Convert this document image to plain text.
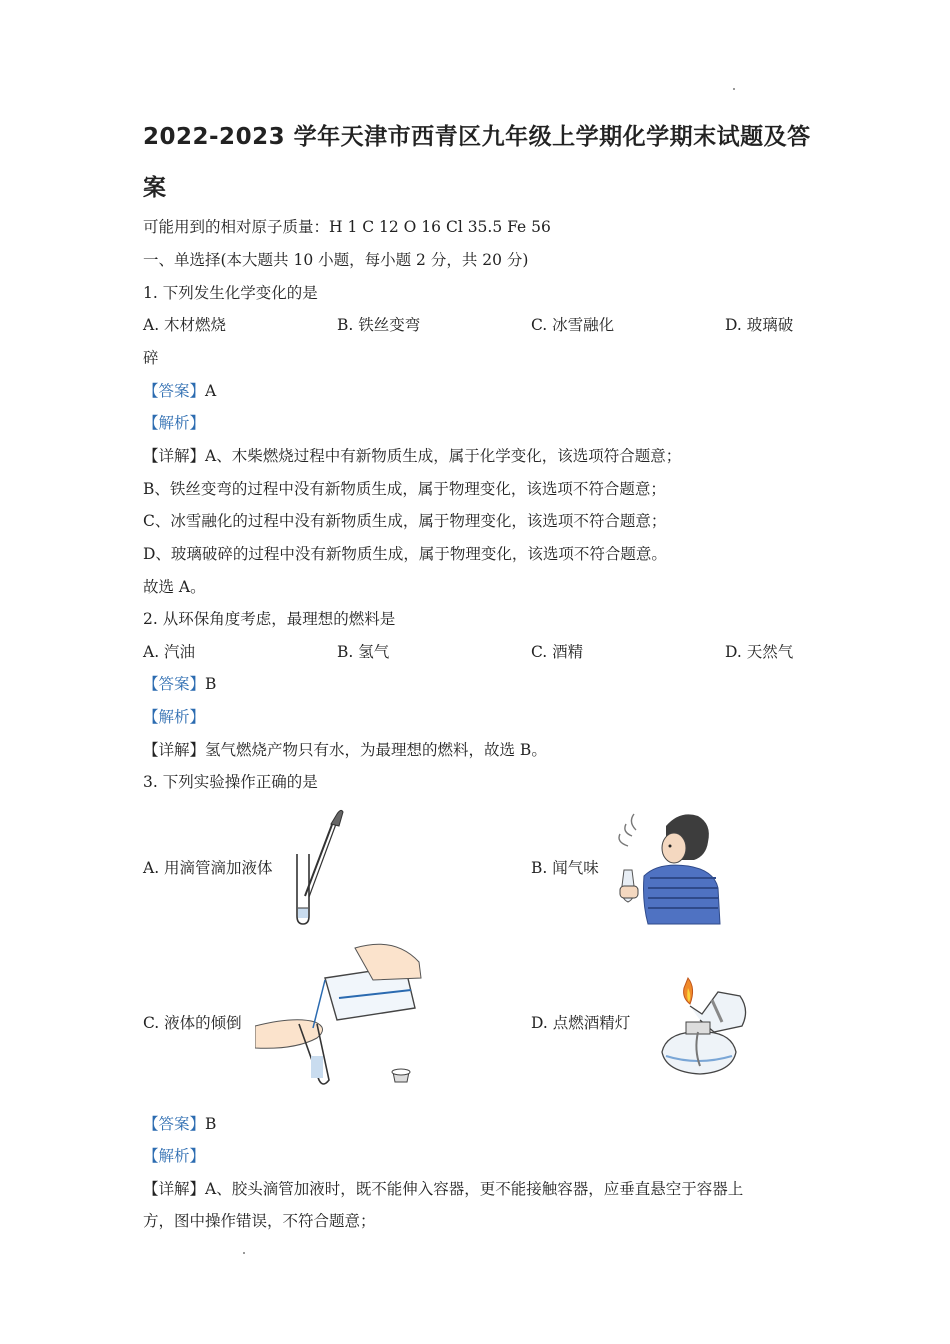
2022-2023 学年天津市西青区九年级上学期化学期末试题及答案
可能用到的相对原子质量：H 1 C 12 O 16 Cl 35.5 Fe 56
一、单选择(本大题共 10 小题，每小题 2 分，共 20 分)
1. 下列发生化学变化的是
A. 木材燃烧	B. 铁丝变弯	C. 冰雪融化	D. 玻璃破
碎
【答案】A
【解析】
【详解】A、木柴燃烧过程中有新物质生成，属于化学变化，该选项符合题意；
B、铁丝变弯的过程中没有新物质生成，属于物理变化，该选项不符合题意；
C、冰雪融化的过程中没有新物质生成，属于物理变化，该选项不符合题意；
D、玻璃破碎的过程中没有新物质生成，属于物理变化，该选项不符合题意。
故选 A。
2. 从环保角度考虑，最理想的燃料是
A. 汽油	B. 氢气	C. 酒精	D. 天然气
【答案】B
【解析】
【详解】氢气燃烧产物只有水，为最理想的燃料，故选 B。
3. 下列实验操作正确的是
A. 用滴管滴加液体	B. 闻气味
C. 液体的倾倒	D. 点燃酒精灯
【答案】B
【解析】
【详解】A、胶头滴管加液时，既不能伸入容器，更不能接触容器，应垂直悬空于容器上
方，图中操作错误，不符合题意；
